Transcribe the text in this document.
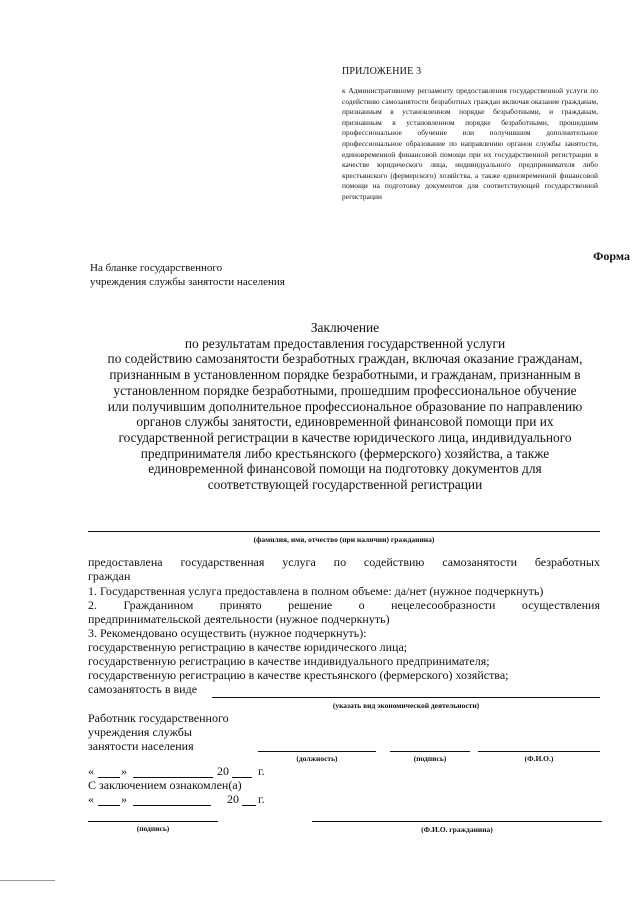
ПРИЛОЖЕНИЕ 3
к Административному регламенту предоставления государственной услуги по содействию самозанятости безработных граждан включая оказание гражданам, признанным в установленном порядке безработными, и гражданам, признанным в установленном порядке безработными, прошедшим профессиональное обучение или получившим дополнительное профессиональное образование по направлению органов службы занятости, единовременной финансовой помощи при их государственной регистрации в качестве юридического лица, индивидуального предпринимателя либо крестьянского (фермерского) хозяйства, а также единовременной финансовой помощи на подготовку документов для соответствующей государственной регистрации
Форма
На бланке государственного
учреждения службы занятости населения
Заключение
по результатам предоставления государственной услуги
по содействию самозанятости безработных граждан, включая оказание гражданам,
признанным в установленном порядке безработными, и гражданам, признанным в
установленном порядке безработными, прошедшим профессиональное обучение
или получившим дополнительное профессиональное образование по направлению
органов службы занятости, единовременной финансовой помощи при их
государственной регистрации в качестве юридического лица, индивидуального
предпринимателя либо крестьянского (фермерского) хозяйства, а также
единовременной финансовой помощи на подготовку документов для
соответствующей государственной регистрации
(фамилия, имя, отчество (при наличии) гражданина)
предоставлена государственная услуга по содействию самозанятости безработных
граждан
1. Государственная услуга предоставлена в полном объеме: да/нет (нужное подчеркнуть)
2. Гражданином принято решение о нецелесообразности осуществления
предпринимательской деятельности (нужное подчеркнуть)
3. Рекомендовано осуществить (нужное подчеркнуть):
государственную регистрацию в качестве юридического лица;
государственную регистрацию в качестве индивидуального предпринимателя;
государственную регистрацию в качестве крестьянского (фермерского) хозяйства;
самозанятость в виде
(указать вид экономической деятельности)
Работник государственного
учреждения службы
занятости населения
(должность)	(подпись)	(Ф.И.О.)
« »	20 г.
С заключением ознакомлен(а)
« »	20 г.
(подпись)	(Ф.И.О. гражданина)
